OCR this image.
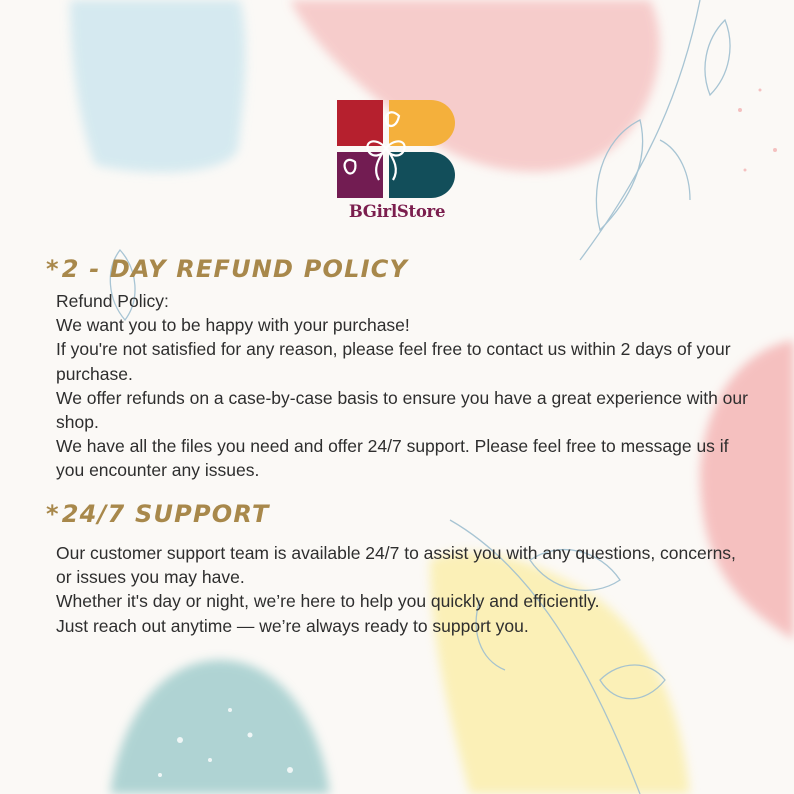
BGirlStore
*2 - DAY REFUND POLICY
Refund Policy:
We want you to be happy with your purchase!
If you're not satisfied for any reason, please feel free to contact us within 2 days of your purchase.
We offer refunds on a case-by-case basis to ensure you have a great experience with our shop.
We have all the files you need and offer 24/7 support. Please feel free to message us if you encounter any issues.
*24/7 SUPPORT
Our customer support team is available 24/7 to assist you with any questions, concerns, or issues you may have.
Whether it's day or night, we’re here to help you quickly and efficiently.
Just reach out anytime — we’re always ready to support you.
